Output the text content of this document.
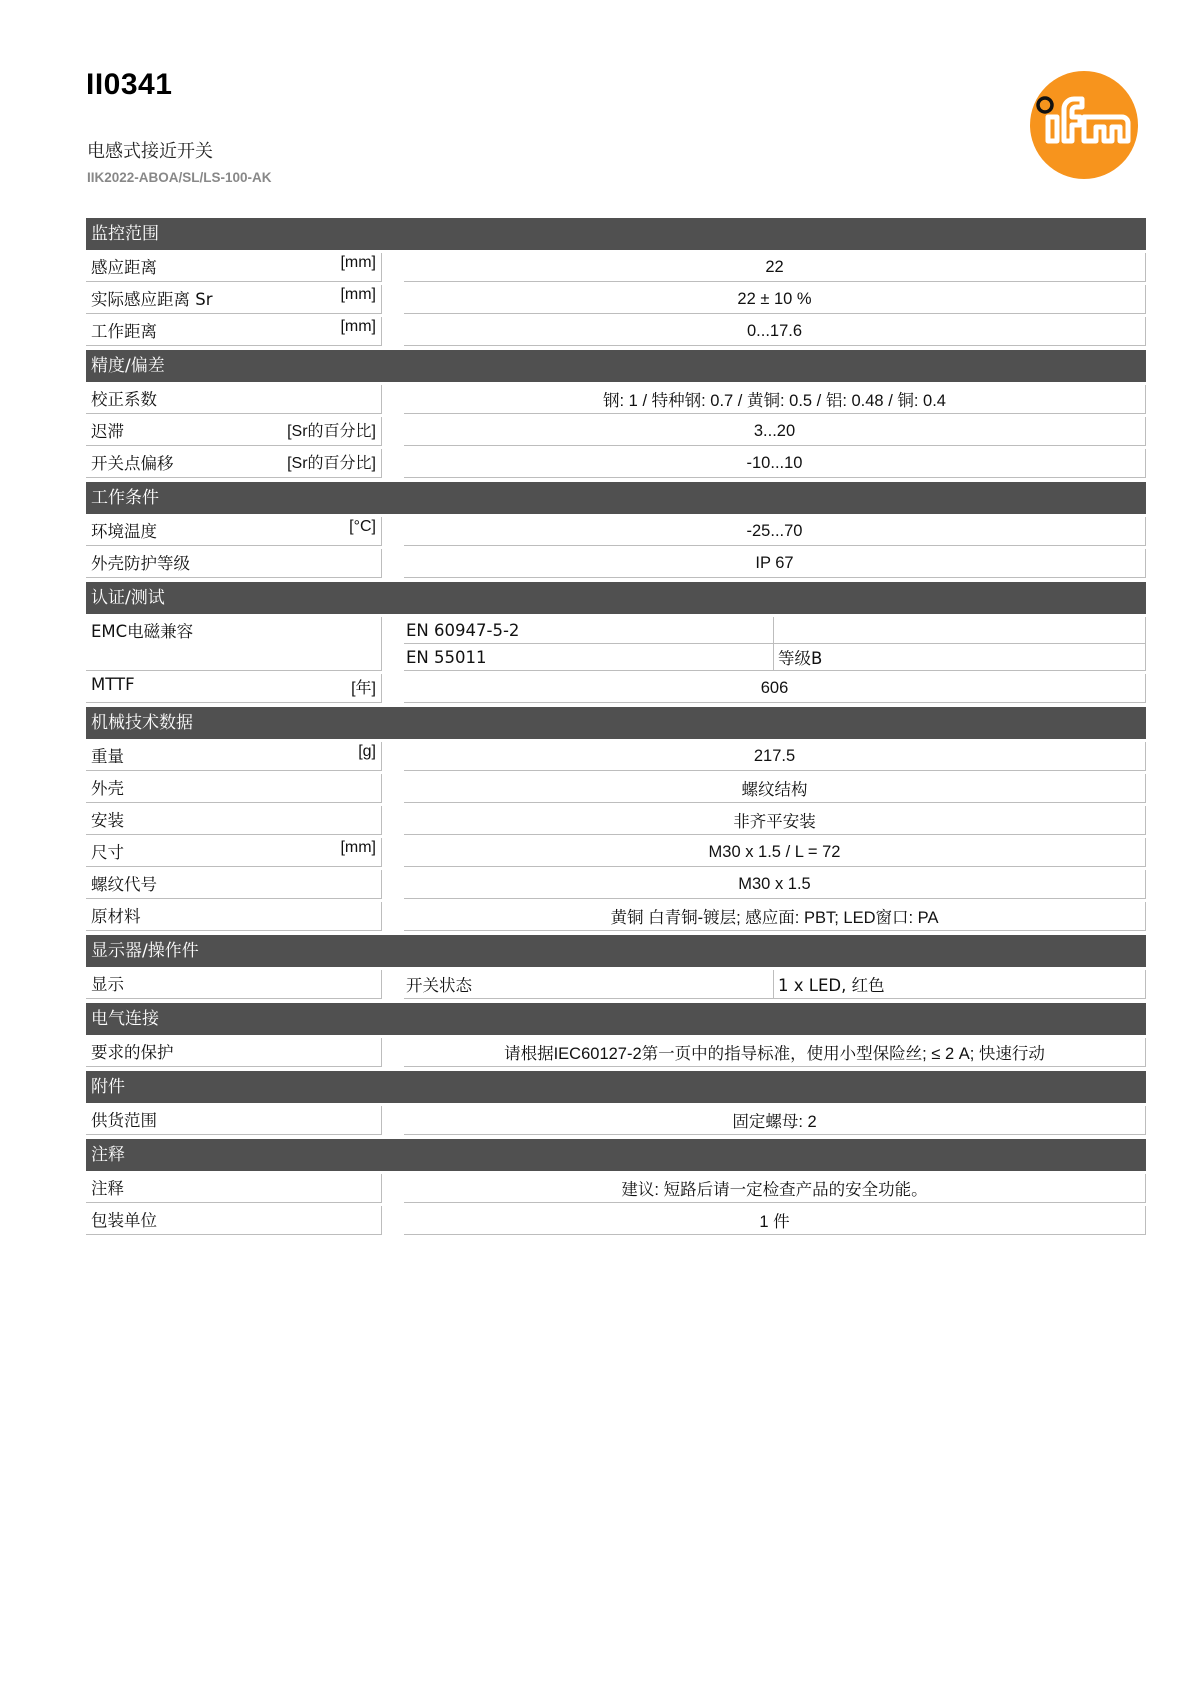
II0341
电感式接近开关
IIK2022-ABOA/SL/LS-100-AK
监控范围
感应距离	[mm]	22
实际感应距离 Sr	[mm]	22 ± 10 %
工作距离	[mm]	0...17.6
精度/偏差
校正系数	钢: 1 / 特种钢: 0.7 / 黄铜: 0.5 / 铝: 0.48 / 铜: 0.4
迟滞	[Sr的百分比]	3...20
开关点偏移	[Sr的百分比]	-10...10
工作条件
环境温度	[°C]	-25...70
外壳防护等级	IP 67
认证/测试
EMC电磁兼容	EN 60947-5-2
EN 55011	等级B
MTTF	[年]	606
机械技术数据
重量	[g]	217.5
外壳	螺纹结构
安装	非齐平安装
尺寸	[mm]	M30 x 1.5 / L = 72
螺纹代号	M30 x 1.5
原材料	黄铜 白青铜-镀层; 感应面: PBT; LED窗口: PA
显示器/操作件
显示	开关状态	1 x LED, 红色
电气连接
要求的保护	请根据IEC60127-2第一页中的指导标准，使用小型保险丝; ≤ 2 A; 快速行动
附件
供货范围	固定螺母: 2
注释
注释	建议: 短路后请一定检查产品的安全功能。
包装单位	1 件
